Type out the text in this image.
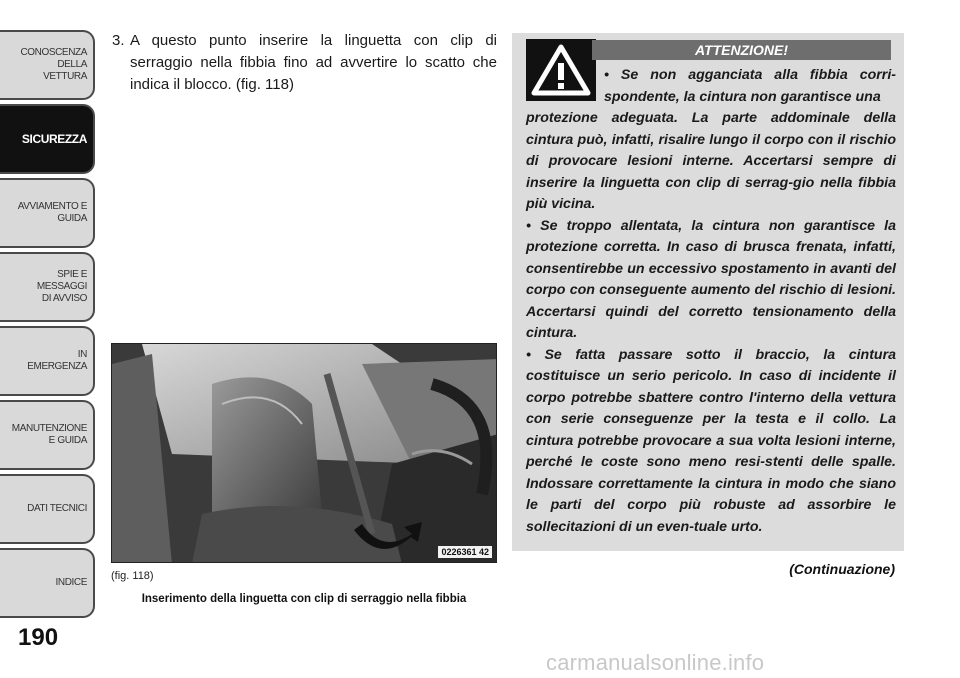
CONOSCENZA DELLA
VETTURA
SICUREZZA
AVVIAMENTO E
GUIDA
SPIE E
MESSAGGI
DI AVVISO
IN
EMERGENZA
MANUTENZIONE
E GUIDA
DATI TECNICI
INDICE
190
3. A questo punto inserire la linguetta con clip di serraggio nella fibbia fino ad avvertire lo scatto che indica il blocco. (fig. 118)
0226361 42
(fig. 118)
Inserimento della linguetta con clip di serraggio nella fibbia
ATTENZIONE!

• Se non agganciata alla fibbia corri-spondente, la cintura non garantisce una
protezione adeguata. La parte addominale della cintura può, infatti, risalire lungo il corpo con il rischio di provocare lesioni interne. Accertarsi sempre di inserire la linguetta con clip di serrag-gio nella fibbia più vicina.

• Se troppo allentata, la cintura non garantisce la protezione corretta. In caso di brusca frenata, infatti, consentirebbe un eccessivo spostamento in avanti del corpo con conseguente aumento del rischio di lesioni. Accertarsi quindi del corretto tensionamento della cintura.

• Se fatta passare sotto il braccio, la cintura costituisce un serio pericolo. In caso di incidente il corpo potrebbe sbattere contro l'interno della vettura con serie conseguenze per la testa e il collo. La cintura potrebbe provocare a sua volta lesioni interne, perché le coste sono meno resi-stenti delle spalle. Indossare correttamente la cintura in modo che siano le parti del corpo più robuste ad assorbire le sollecitazioni di un even-tuale urto.

(Continuazione)
carmanualsonline.info
